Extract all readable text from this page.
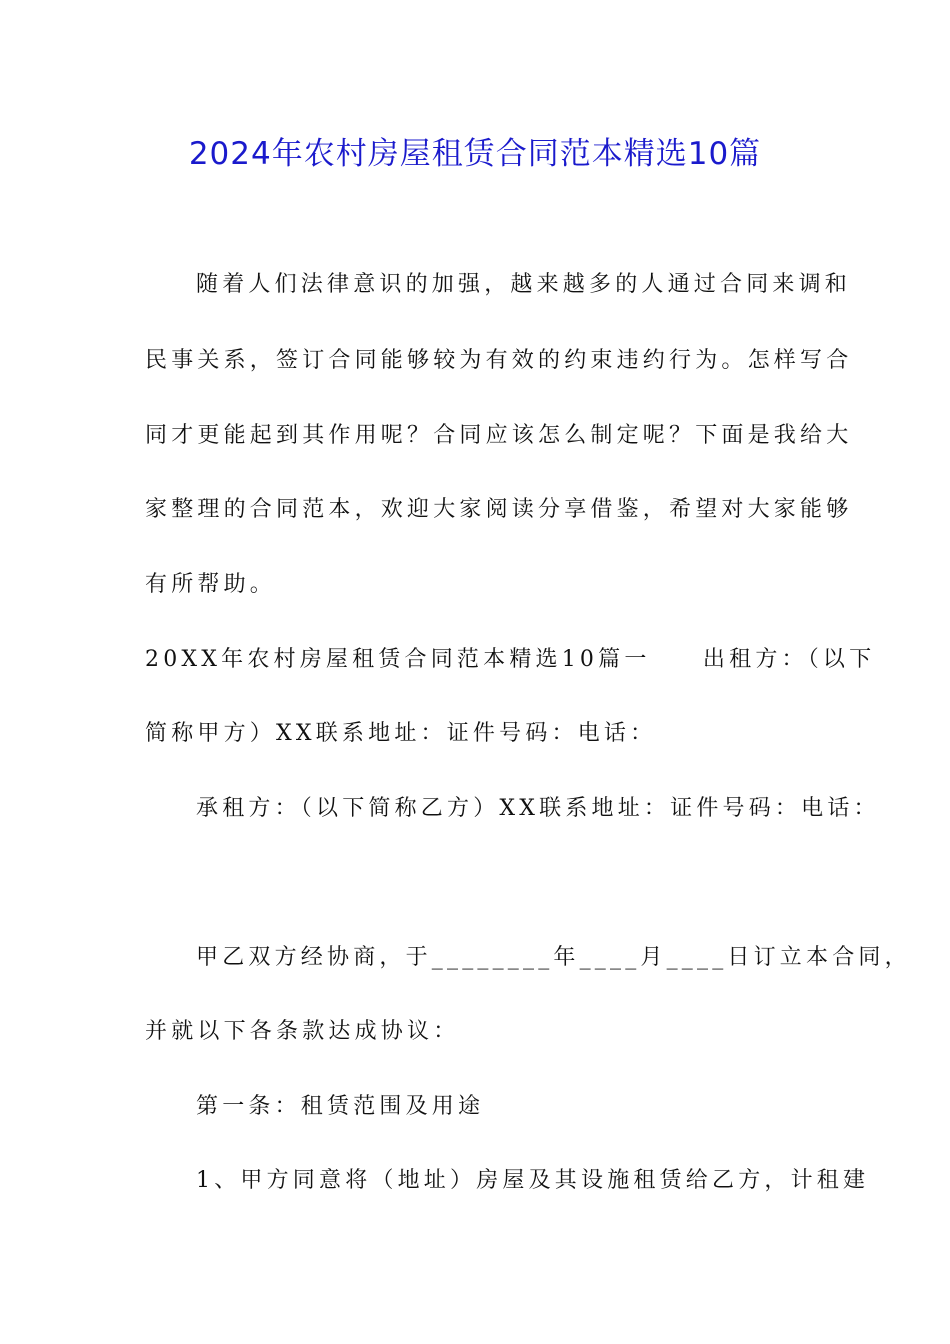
2024年农村房屋租赁合同范本精选10篇
随着人们法律意识的加强，越来越多的人通过合同来调和
民事关系，签订合同能够较为有效的约束违约行为。怎样写合
同才更能起到其作用呢？合同应该怎么制定呢？下面是我给大
家整理的合同范本，欢迎大家阅读分享借鉴，希望对大家能够
有所帮助。
20XX年农村房屋租赁合同范本精选10篇一　　出租方：（以下
简称甲方）XX联系地址：证件号码：电话：
承租方：（以下简称乙方）XX联系地址：证件号码：电话：
甲乙双方经协商，于________年____月____日订立本合同，
并就以下各条款达成协议：
第一条：租赁范围及用途
1、甲方同意将（地址）房屋及其设施租赁给乙方，计租建
